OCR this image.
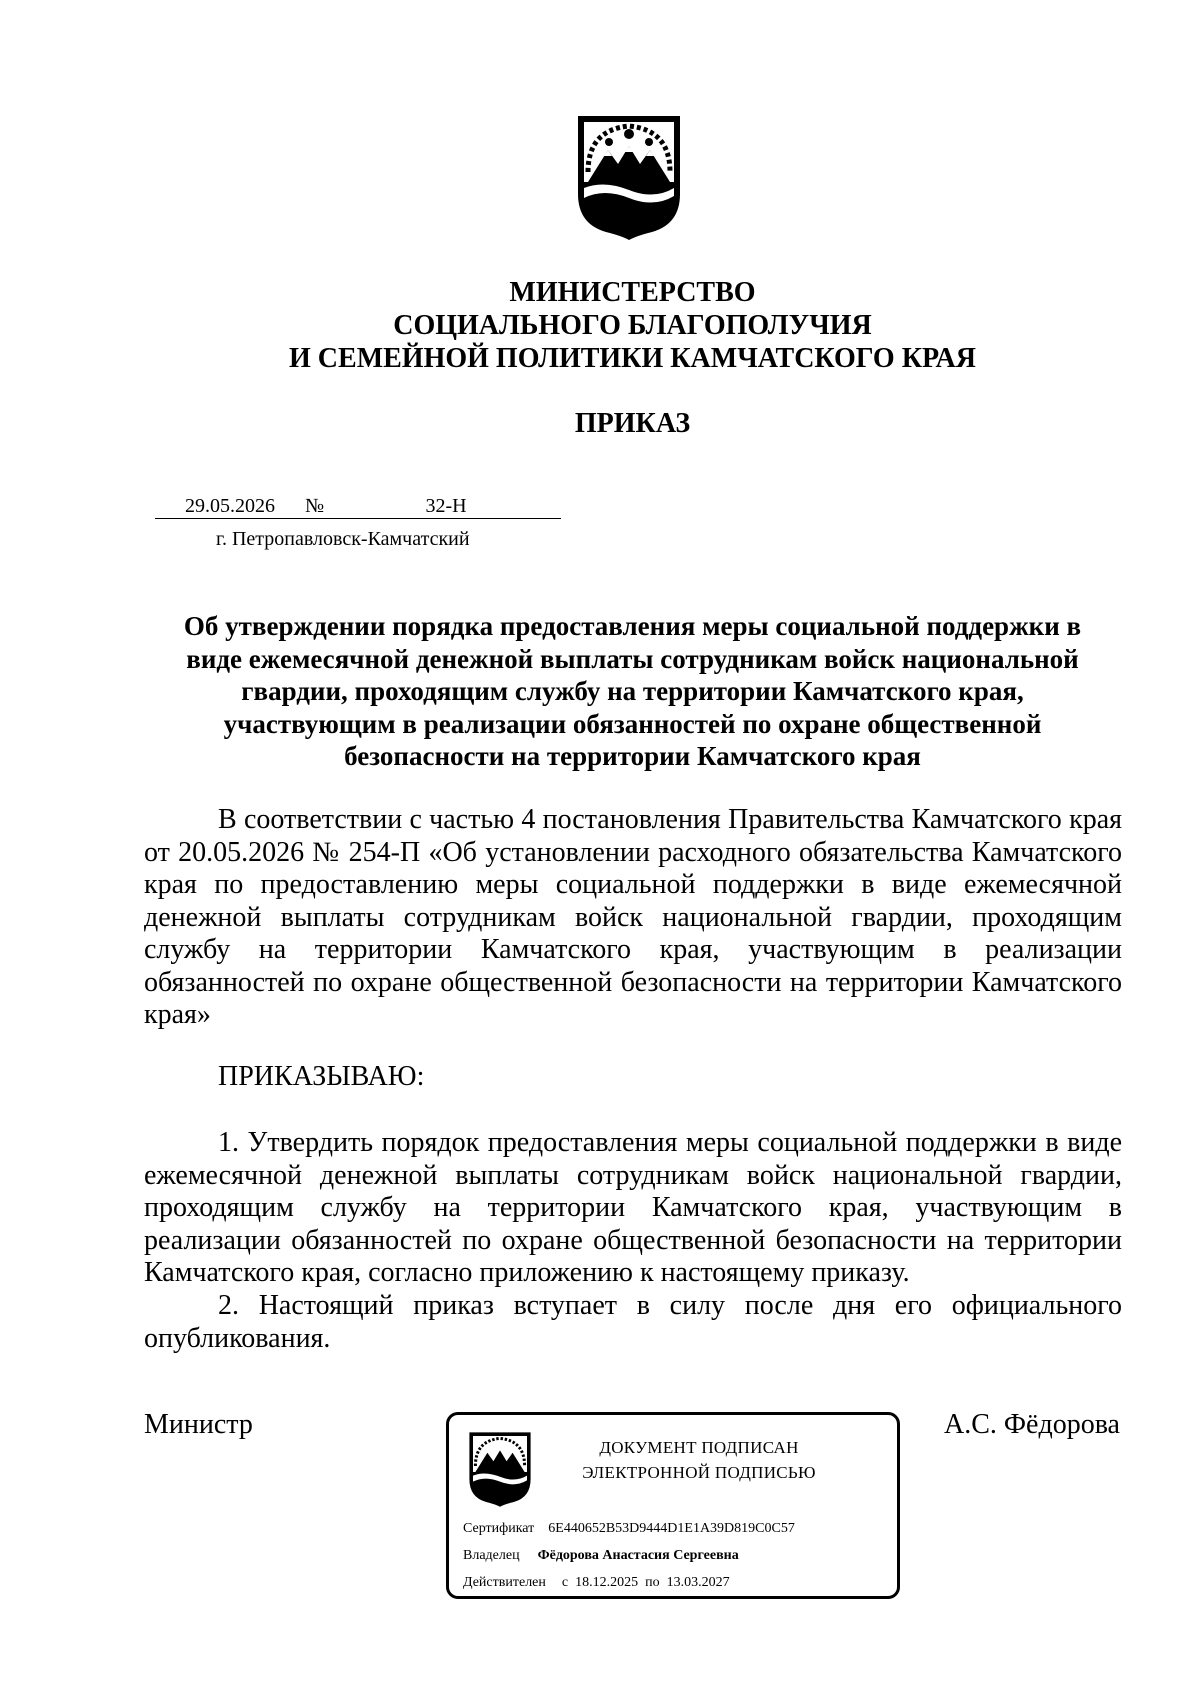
МИНИСТЕРСТВО
СОЦИАЛЬНОГО БЛАГОПОЛУЧИЯ
И СЕМЕЙНОЙ ПОЛИТИКИ КАМЧАТСКОГО КРАЯ
ПРИКАЗ
29.05.2026 №	32-Н
г. Петропавловск-Камчатский
Об утверждении порядка предоставления меры социальной поддержки в
виде ежемесячной денежной выплаты сотрудникам войск национальной
гвардии, проходящим службу на территории Камчатского края,
участвующим в реализации обязанностей по охране общественной
безопасности на территории Камчатского края
В соответствии с частью 4 постановления Правительства Камчатского края от 20.05.2026 № 254-П «Об установлении расходного обязательства Камчатского края по предоставлению меры социальной поддержки в виде ежемесячной денежной выплаты сотрудникам войск национальной гвардии, проходящим службу на территории Камчатского края, участвующим в реализации обязанностей по охране общественной безопасности на территории Камчатского края»
ПРИКАЗЫВАЮ:
1. Утвердить порядок предоставления меры социальной поддержки в виде ежемесячной денежной выплаты сотрудникам войск национальной гвардии, проходящим службу на территории Камчатского края, участвующим в реализации обязанностей по охране общественной безопасности на территории Камчатского края, согласно приложению к настоящему приказу.
2. Настоящий приказ вступает в силу после дня его официального опубликования.
Министр	А.С. Фёдорова
ДОКУМЕНТ ПОДПИСАН
ЭЛЕКТРОННОЙ ПОДПИСЬЮ
Сертификат 6E440652B53D9444D1E1A39D819C0C57
Владелец Фёдорова Анастасия Сергеевна
Действителен с 18.12.2025 по 13.03.2027
